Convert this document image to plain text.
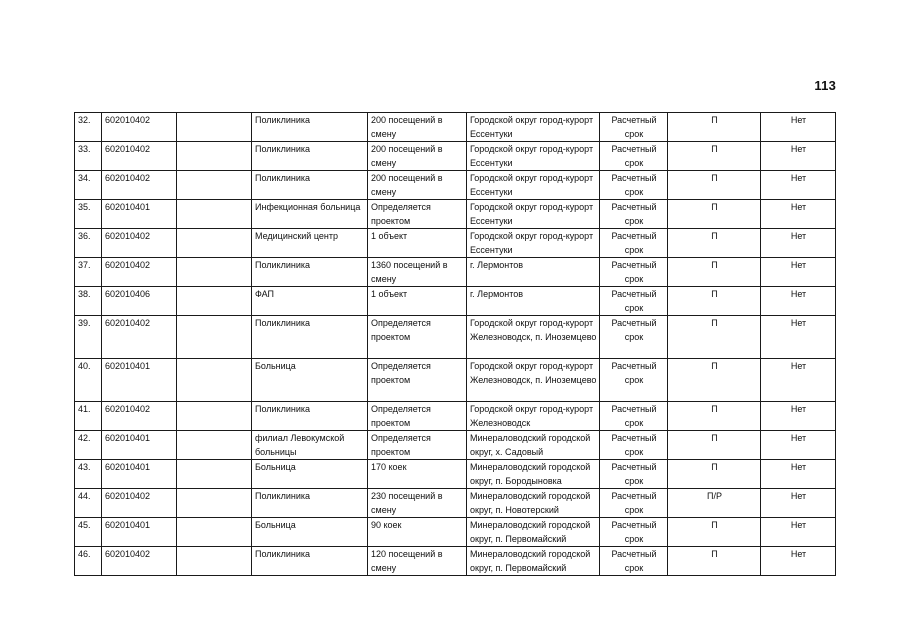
113
32.	602010402		Поликлиника	200 посещений в смену	Городской округ город-курорт Ессентуки	Расчетный срок	П	Нет
33.	602010402		Поликлиника	200 посещений в смену	Городской округ город-курорт Ессентуки	Расчетный срок	П	Нет
34.	602010402		Поликлиника	200 посещений в смену	Городской округ город-курорт Ессентуки	Расчетный срок	П	Нет
35.	602010401		Инфекционная больница	Определяется проектом	Городской округ город-курорт Ессентуки	Расчетный срок	П	Нет
36.	602010402		Медицинский центр	1 объект	Городской округ город-курорт Ессентуки	Расчетный срок	П	Нет
37.	602010402		Поликлиника	1360 посещений в смену	г. Лермонтов	Расчетный срок	П	Нет
38.	602010406		ФАП	1 объект	г. Лермонтов	Расчетный срок	П	Нет
39.	602010402		Поликлиника	Определяется проектом	Городской округ город-курорт Железноводск, п. Иноземцево	Расчетный срок	П	Нет
40.	602010401		Больница	Определяется проектом	Городской округ город-курорт Железноводск, п. Иноземцево	Расчетный срок	П	Нет
41.	602010402		Поликлиника	Определяется проектом	Городской округ город-курорт Железноводск	Расчетный срок	П	Нет
42.	602010401		филиал Левокумской больницы	Определяется проектом	Минераловодский городской округ, х. Садовый	Расчетный срок	П	Нет
43.	602010401		Больница	170 коек	Минераловодский городской округ, п. Бородыновка	Расчетный срок	П	Нет
44.	602010402		Поликлиника	230 посещений в смену	Минераловодский городской округ, п. Новотерский	Расчетный срок	П/Р	Нет
45.	602010401		Больница	90 коек	Минераловодский городской округ, п. Первомайский	Расчетный срок	П	Нет
46.	602010402		Поликлиника	120 посещений в смену	Минераловодский городской округ, п. Первомайский	Расчетный срок	П	Нет
